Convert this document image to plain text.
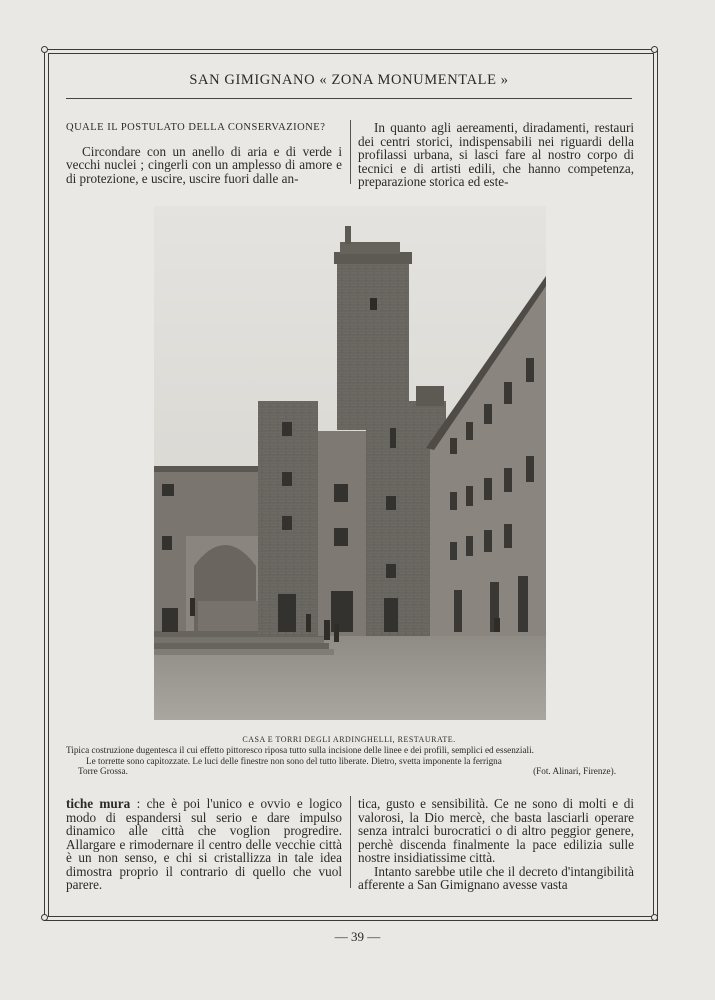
SAN GIMIGNANO « ZONA MONUMENTALE »

QUALE IL POSTULATO DELLA CONSERVAZIONE?

Circondare con un anello di aria e di verde i vecchi nuclei ; cingerli con un amplesso di amore e di protezione, e uscire, uscire fuori dalle an-

In quanto agli aereamenti, diradamenti, restauri dei centri storici, indispensabili nei riguardi della profilassi urbana, si lasci fare al nostro corpo di tecnici e di artisti edili, che hanno competenza, preparazione storica ed este-

CASA E TORRI DEGLI ARDINGHELLI, RESTAURATE.

Tipica costruzione dugentesca il cui effetto pittoresco riposa tutto sulla incisione delle linee e dei profili, semplici ed essenziali.

Le torrette sono capitozzate. Le luci delle finestre non sono del tutto liberate. Dietro, svetta imponente la ferrigna

Torre Grossa.	(Fot. Alinari, Firenze).

tiche mura : che è poi l'unico e ovvio e logico modo di espandersi sul serio e dare impulso dinamico alle città che voglion progredire. Allargare e rimodernare il centro delle vecchie città è un non senso, e chi si cristallizza in tale idea dimostra proprio il contrario di quello che vuol parere.

tica, gusto e sensibilità. Ce ne sono di molti e di valorosi, la Dio mercè, che basta lasciarli operare senza intralci burocratici o di altro peggior genere, perchè discenda finalmente la pace edilizia sulle nostre insidiatissime città.

Intanto sarebbe utile che il decreto d'intangibilità afferente a San Gimignano avesse vasta

— 39 —
